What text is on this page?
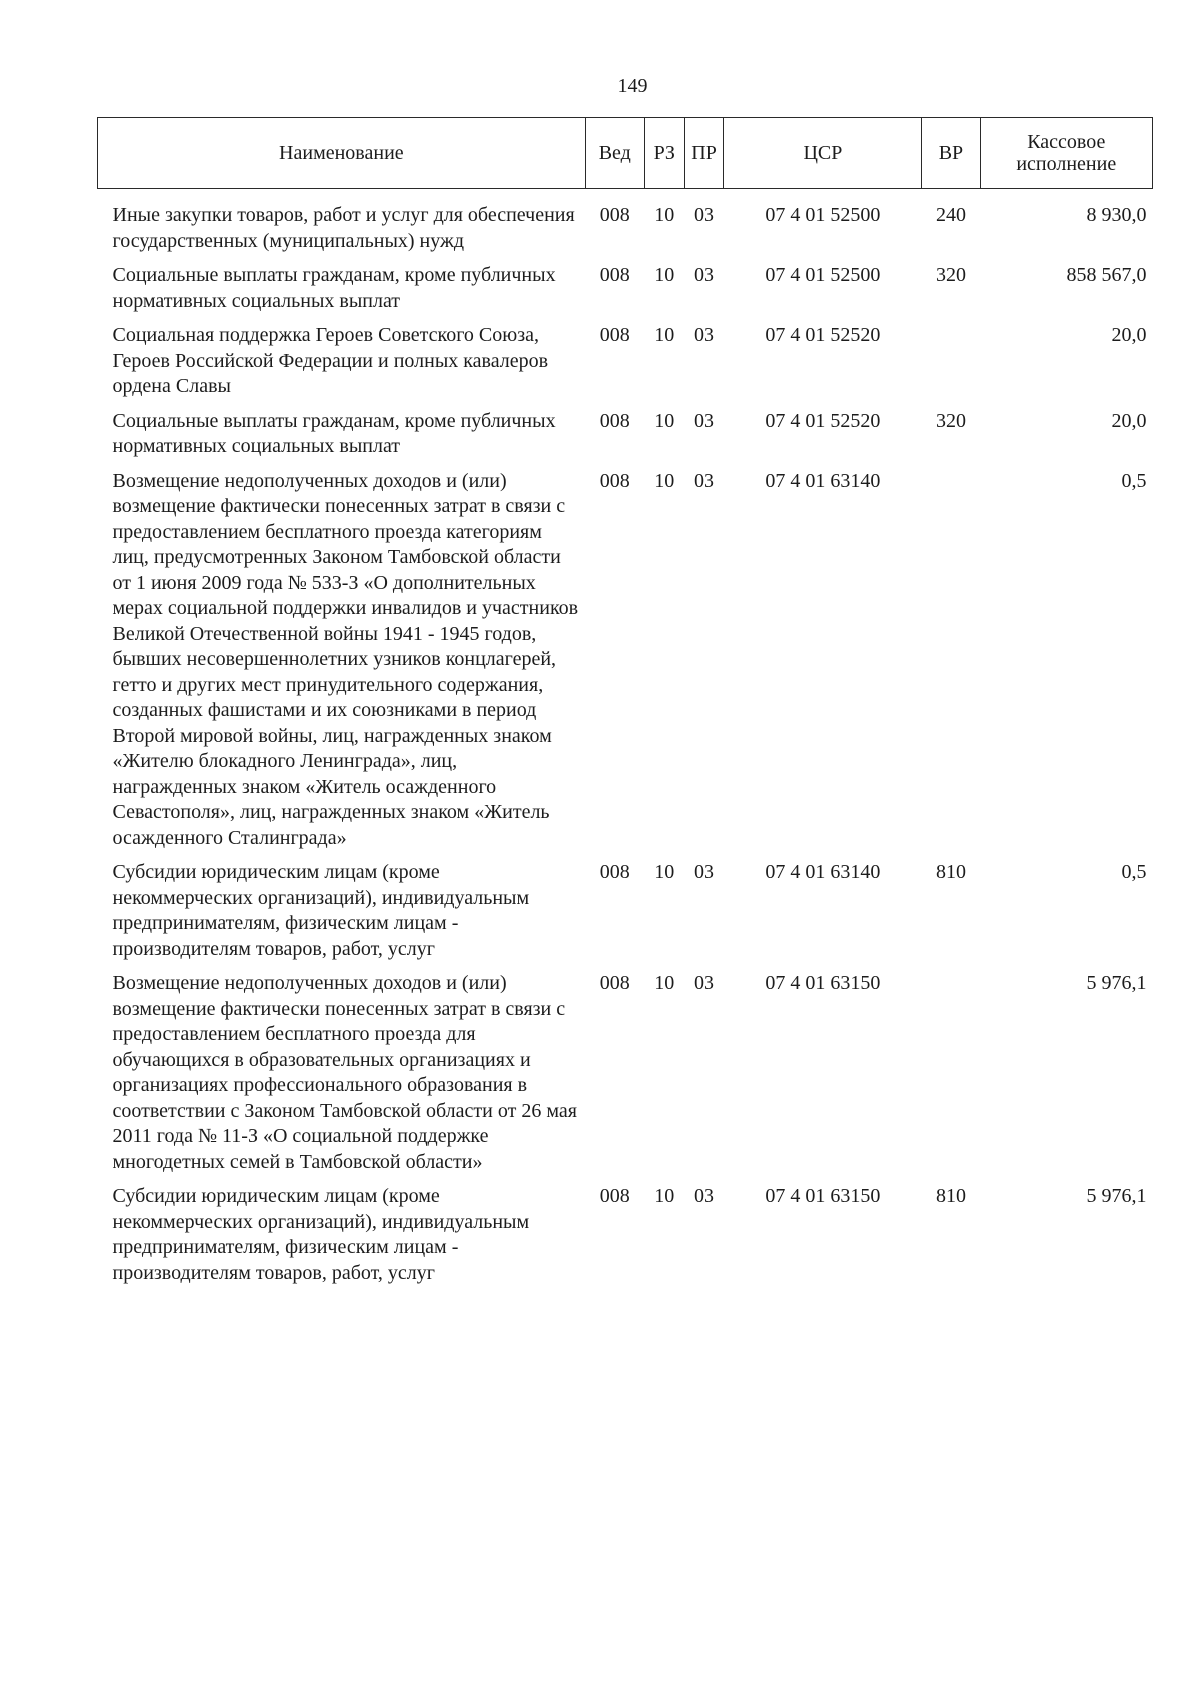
149
Наименование	Вед	РЗ	ПР	ЦСР	ВР	Кассовое исполнение

Иные закупки товаров, работ и услуг для обеспечения государственных (муниципальных) нужд	008	10	03	07 4 01 52500	240	8 930,0
Социальные выплаты гражданам, кроме публичных нормативных социальных выплат	008	10	03	07 4 01 52500	320	858 567,0
Социальная поддержка Героев Советского Союза, Героев Российской Федерации и полных кавалеров ордена Славы	008	10	03	07 4 01 52520		20,0
Социальные выплаты гражданам, кроме публичных нормативных социальных выплат	008	10	03	07 4 01 52520	320	20,0
Возмещение недополученных доходов и (или) возмещение фактически понесенных затрат в связи с предоставлением бесплатного проезда категориям лиц, предусмотренных Законом Тамбовской области от 1 июня 2009 года № 533-З «О дополнительных мерах социальной поддержки инвалидов и участников Великой Отечественной войны 1941 - 1945 годов, бывших несовершеннолетних узников концлагерей, гетто и других мест принудительного содержания, созданных фашистами и их союзниками в период Второй мировой войны, лиц, награжденных знаком «Жителю блокадного Ленинграда», лиц, награжденных знаком «Житель осажденного Севастополя», лиц, награжденных знаком «Житель осажденного Сталинграда»	008	10	03	07 4 01 63140		0,5
Субсидии юридическим лицам (кроме некоммерческих организаций), индивидуальным предпринимателям, физическим лицам - производителям товаров, работ, услуг	008	10	03	07 4 01 63140	810	0,5
Возмещение недополученных доходов и (или) возмещение фактически понесенных затрат в связи с предоставлением бесплатного проезда для обучающихся в образовательных организациях и организациях профессионального образования в соответствии с Законом Тамбовской области от 26 мая 2011 года № 11-З «О социальной поддержке многодетных семей в Тамбовской области»	008	10	03	07 4 01 63150		5 976,1
Субсидии юридическим лицам (кроме некоммерческих организаций), индивидуальным предпринимателям, физическим лицам - производителям товаров, работ, услуг	008	10	03	07 4 01 63150	810	5 976,1
